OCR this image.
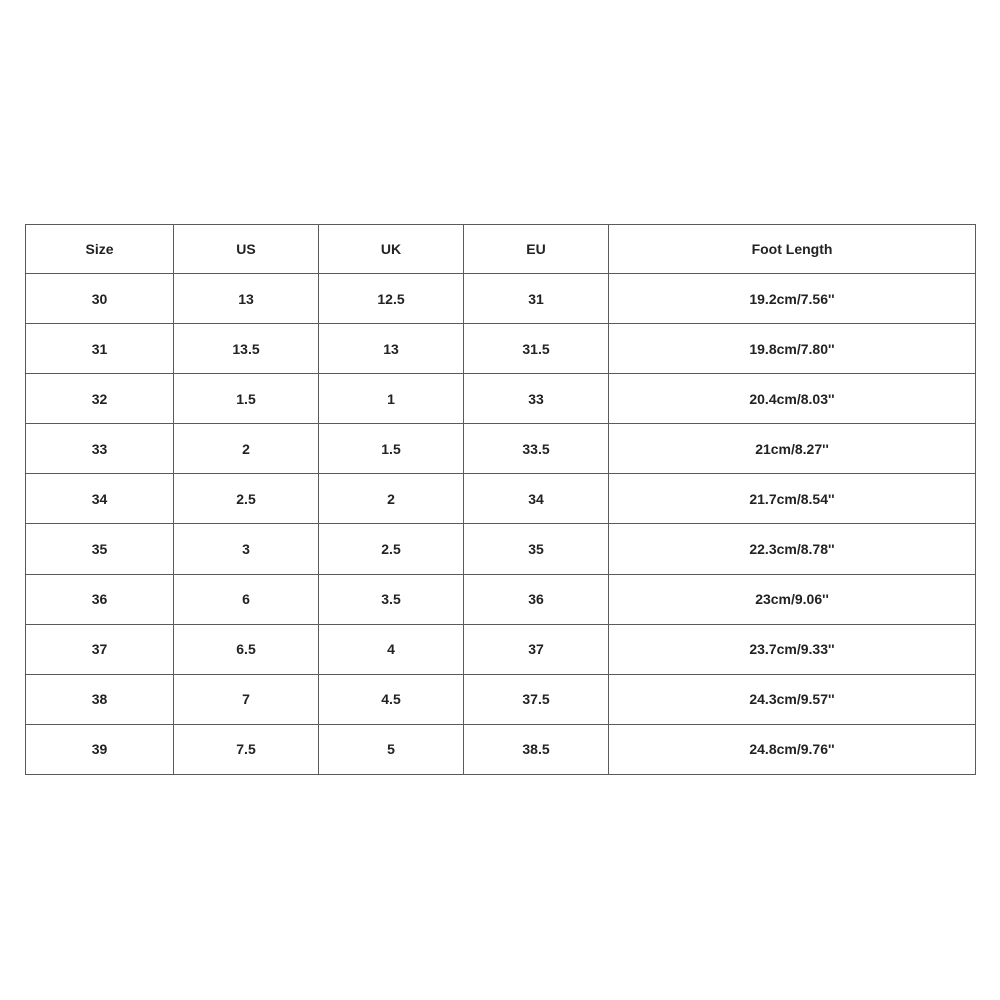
Size	US	UK	EU	Foot Length
30	13	12.5	31	19.2cm/7.56''
31	13.5	13	31.5	19.8cm/7.80''
32	1.5	1	33	20.4cm/8.03''
33	2	1.5	33.5	21cm/8.27''
34	2.5	2	34	21.7cm/8.54''
35	3	2.5	35	22.3cm/8.78''
36	6	3.5	36	23cm/9.06''
37	6.5	4	37	23.7cm/9.33''
38	7	4.5	37.5	24.3cm/9.57''
39	7.5	5	38.5	24.8cm/9.76''
